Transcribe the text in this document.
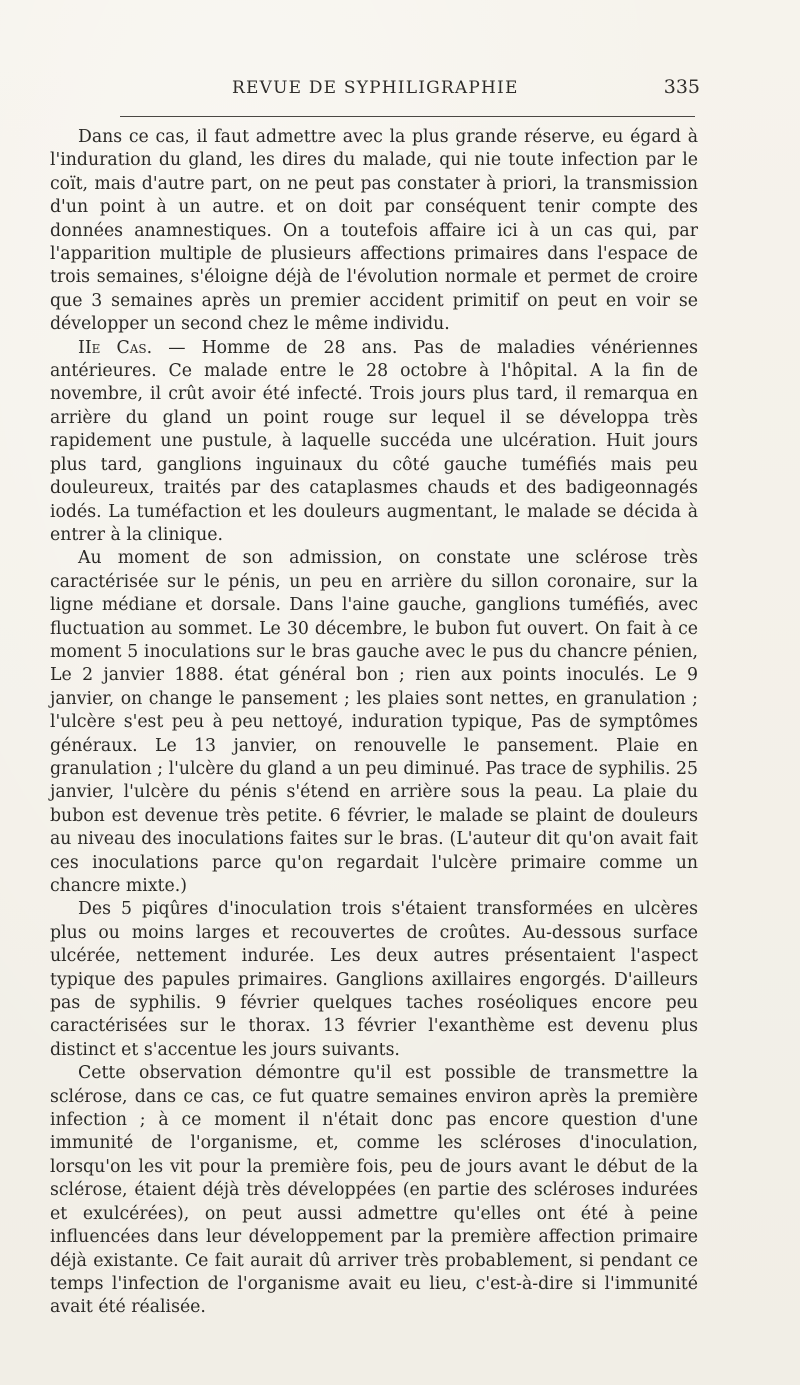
REVUE DE SYPHILIGRAPHIE	335

Dans ce cas, il faut admettre avec la plus grande réserve, eu égard à l'induration du gland, les dires du malade, qui nie toute infection par le coït, mais d'autre part, on ne peut pas constater à priori, la transmission d'un point à un autre. et on doit par conséquent tenir compte des données anamnestiques. On a toutefois affaire ici à un cas qui, par l'apparition multiple de plusieurs affections primaires dans l'espace de trois semaines, s'éloigne déjà de l'évolution normale et permet de croire que 3 semaines après un premier accident primitif on peut en voir se développer un second chez le même individu.

IIe Cas. — Homme de 28 ans. Pas de maladies vénériennes antérieures. Ce malade entre le 28 octobre à l'hôpital. A la fin de novembre, il crût avoir été infecté. Trois jours plus tard, il remarqua en arrière du gland un point rouge sur lequel il se développa très rapidement une pustule, à laquelle succéda une ulcération. Huit jours plus tard, ganglions inguinaux du côté gauche tuméfiés mais peu douleureux, traités par des cataplasmes chauds et des badigeonnagés iodés. La tuméfaction et les douleurs augmentant, le malade se décida à entrer à la clinique.

Au moment de son admission, on constate une sclérose très caractérisée sur le pénis, un peu en arrière du sillon coronaire, sur la ligne médiane et dorsale. Dans l'aine gauche, ganglions tuméfiés, avec fluctuation au sommet. Le 30 décembre, le bubon fut ouvert. On fait à ce moment 5 inoculations sur le bras gauche avec le pus du chancre pénien, Le 2 janvier 1888. état général bon ; rien aux points inoculés. Le 9 janvier, on change le pansement ; les plaies sont nettes, en granulation ; l'ulcère s'est peu à peu nettoyé, induration typique, Pas de symptômes généraux. Le 13 janvier, on renouvelle le pansement. Plaie en granulation ; l'ulcère du gland a un peu diminué. Pas trace de syphilis. 25 janvier, l'ulcère du pénis s'étend en arrière sous la peau. La plaie du bubon est devenue très petite. 6 février, le malade se plaint de douleurs au niveau des inoculations faites sur le bras. (L'auteur dit qu'on avait fait ces inoculations parce qu'on regardait l'ulcère primaire comme un chancre mixte.)

Des 5 piqûres d'inoculation trois s'étaient transformées en ulcères plus ou moins larges et recouvertes de croûtes. Au-dessous surface ulcérée, nettement indurée. Les deux autres présentaient l'aspect typique des papules primaires. Ganglions axillaires engorgés. D'ailleurs pas de syphilis. 9 février quelques taches roséoliques encore peu caractérisées sur le thorax. 13 février l'exanthème est devenu plus distinct et s'accentue les jours suivants.

Cette observation démontre qu'il est possible de transmettre la sclérose, dans ce cas, ce fut quatre semaines environ après la première infection ; à ce moment il n'était donc pas encore question d'une immunité de l'organisme, et, comme les scléroses d'inoculation, lorsqu'on les vit pour la première fois, peu de jours avant le début de la sclérose, étaient déjà très développées (en partie des scléroses indurées et exulcérées), on peut aussi admettre qu'elles ont été à peine influencées dans leur développement par la première affection primaire déjà existante. Ce fait aurait dû arriver très probablement, si pendant ce temps l'infection de l'organisme avait eu lieu, c'est-à-dire si l'immunité avait été réalisée.
